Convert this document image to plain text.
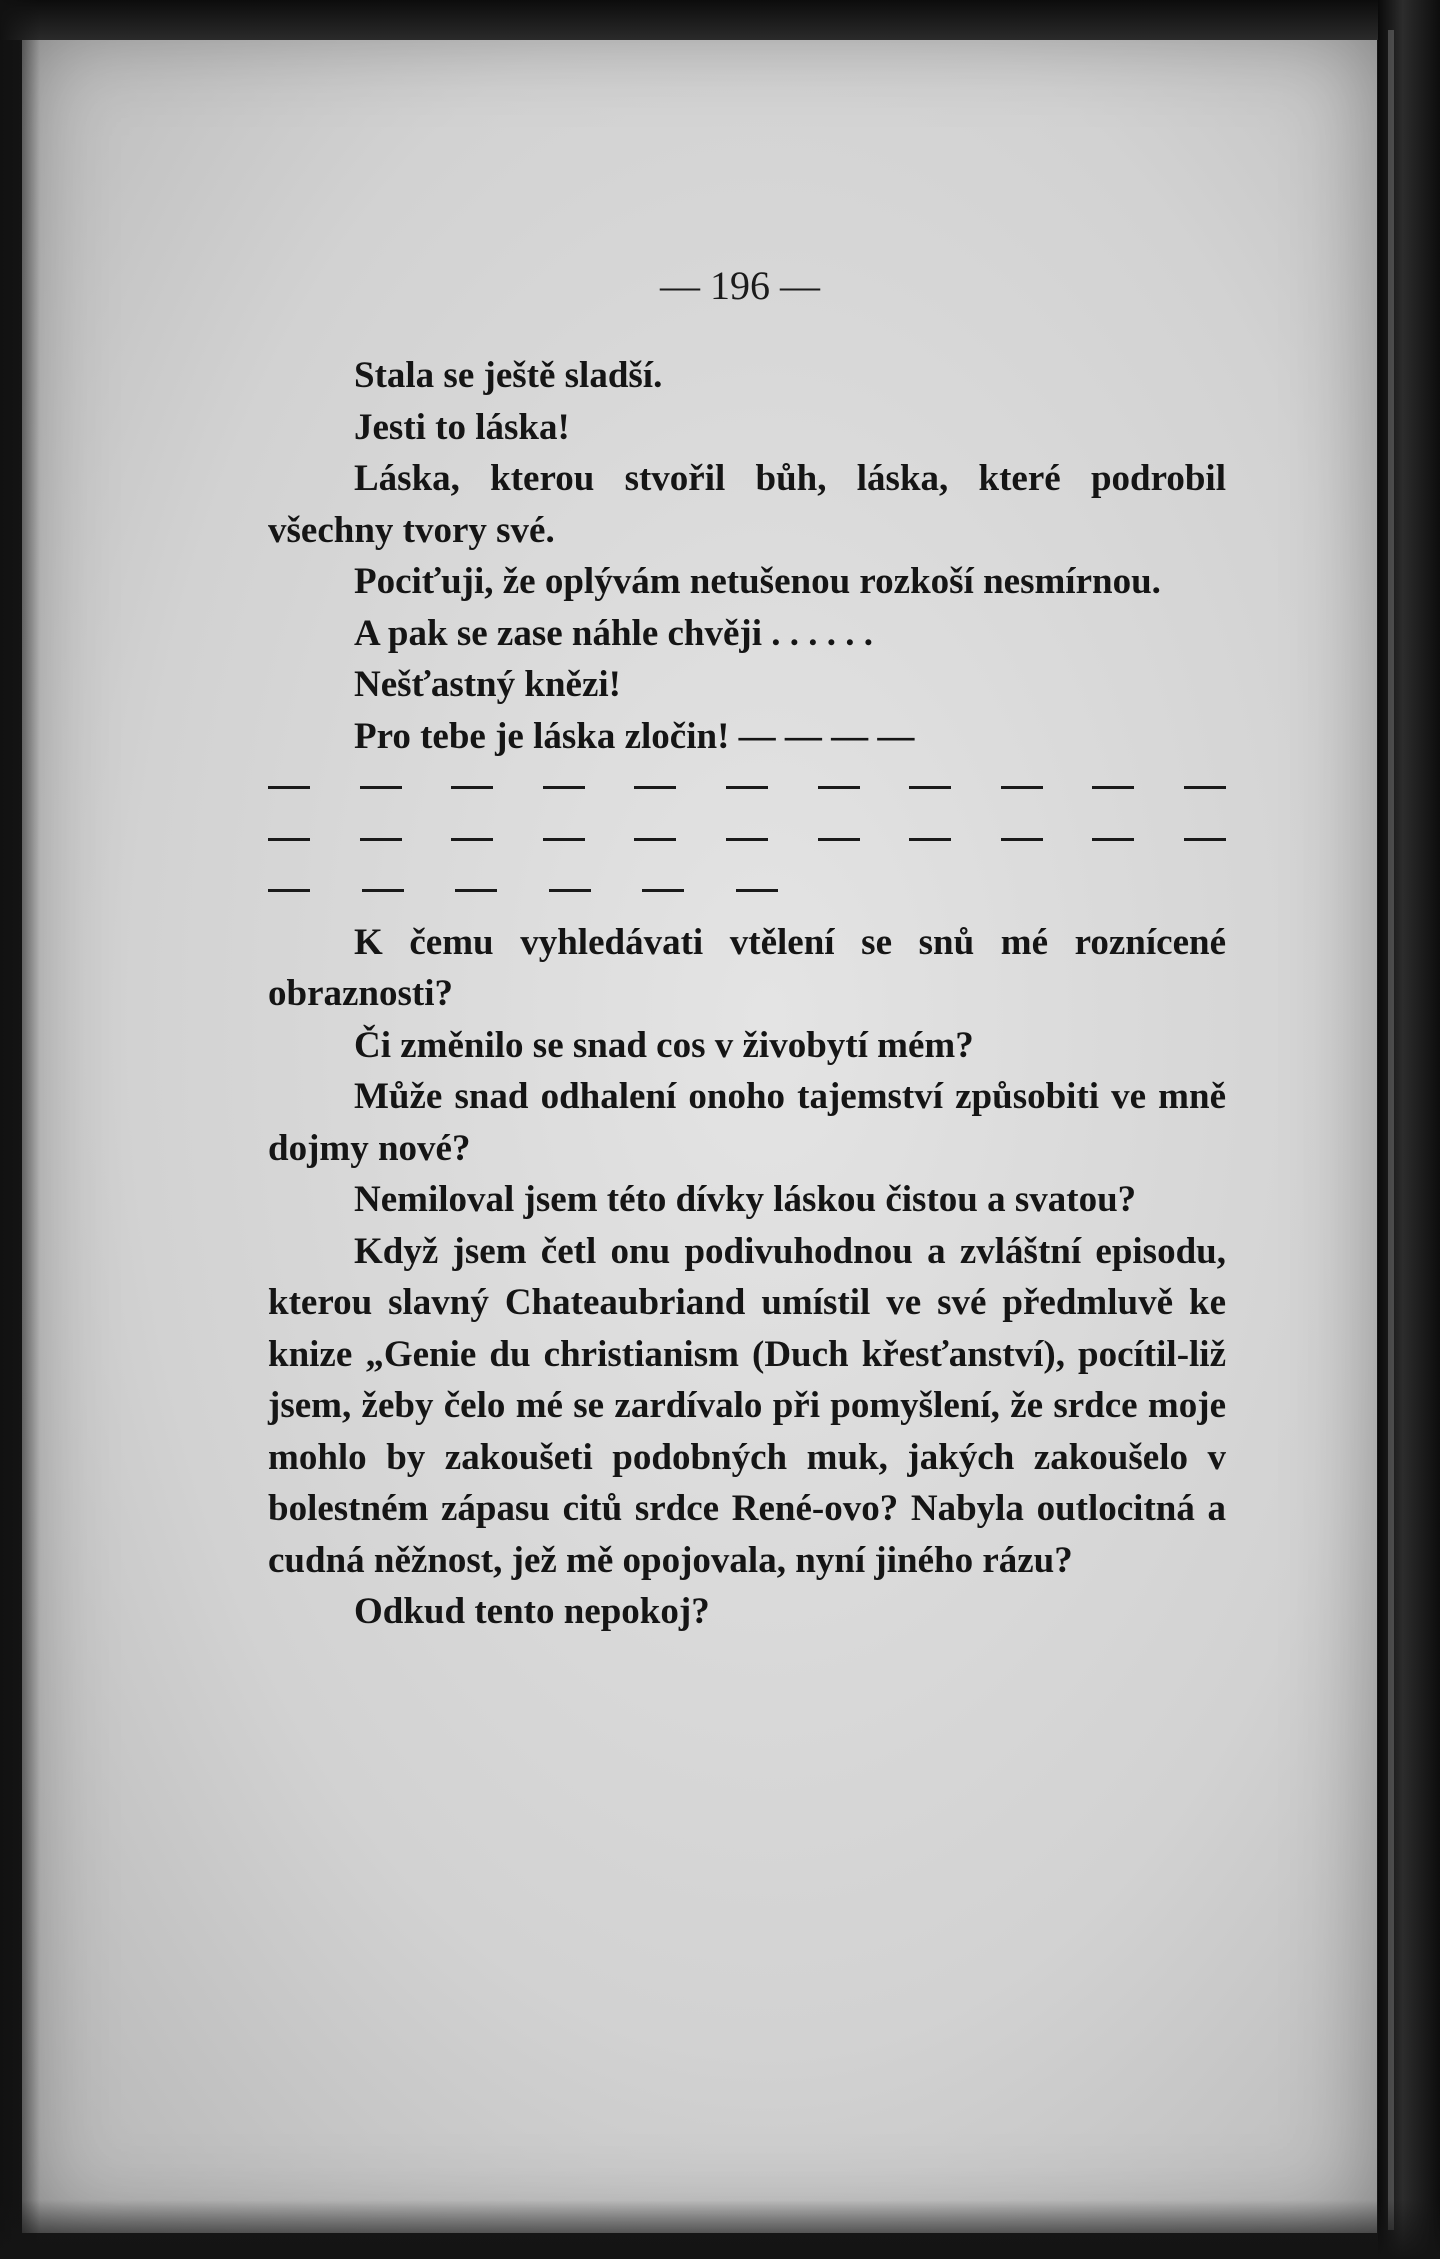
— 196 —

Stala se ještě sladší.

Jesti to láska!

Láska, kterou stvořil bůh, láska, které podrobil všechny tvory své.

Pociťuji, že oplývám netušenou rozkoší nesmírnou.

A pak se zase náhle chvěji . . . . . .

Nešťastný knězi!

Pro tebe je láska zločin! — — — —

K čemu vyhledávati vtělení se snů mé roznícené obraznosti?

Či změnilo se snad cos v živobytí mém?

Může snad odhalení onoho tajemství způsobiti ve mně dojmy nové?

Nemiloval jsem této dívky láskou čistou a svatou?

Když jsem četl onu podivuhodnou a zvláštní episodu, kterou slavný Chateaubriand umístil ve své předmluvě ke knize „Genie du christianism (Duch křesťanství), pocítil-liž jsem, žeby čelo mé se zardívalo při pomyšlení, že srdce moje mohlo by zakoušeti podobných muk, jakých zakoušelo v bolestném zápasu citů srdce René-ovo? Nabyla outlocitná a cudná něžnost, jež mě opojovala, nyní jiného rázu?

Odkud tento nepokoj?
